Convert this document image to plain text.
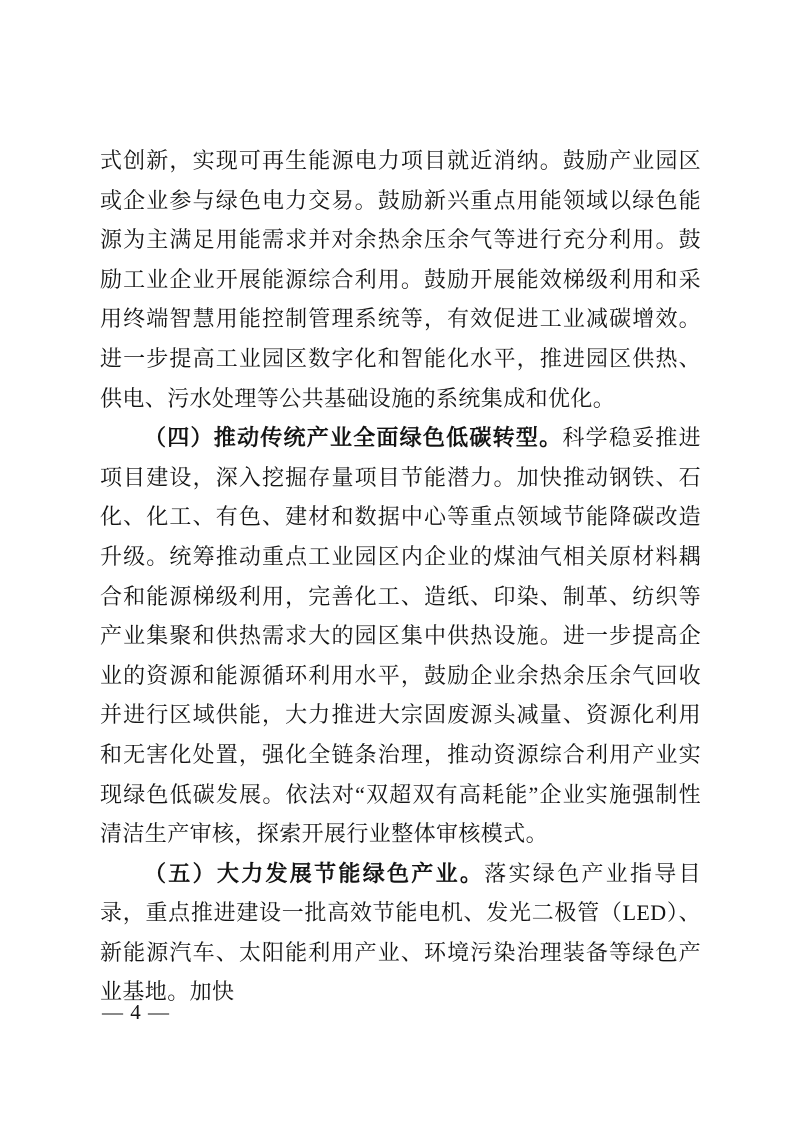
式创新，实现可再生能源电力项目就近消纳。鼓励产业园区或企业参与绿色电力交易。鼓励新兴重点用能领域以绿色能源为主满足用能需求并对余热余压余气等进行充分利用。鼓励工业企业开展能源综合利用。鼓励开展能效梯级利用和采用终端智慧用能控制管理系统等，有效促进工业减碳增效。进一步提高工业园区数字化和智能化水平，推进园区供热、供电、污水处理等公共基础设施的系统集成和优化。

（四）推动传统产业全面绿色低碳转型。科学稳妥推进项目建设，深入挖掘存量项目节能潜力。加快推动钢铁、石化、化工、有色、建材和数据中心等重点领域节能降碳改造升级。统筹推动重点工业园区内企业的煤油气相关原材料耦合和能源梯级利用，完善化工、造纸、印染、制革、纺织等产业集聚和供热需求大的园区集中供热设施。进一步提高企业的资源和能源循环利用水平，鼓励企业余热余压余气回收并进行区域供能，大力推进大宗固废源头减量、资源化利用和无害化处置，强化全链条治理，推动资源综合利用产业实现绿色低碳发展。依法对“双超双有高耗能”企业实施强制性清洁生产审核，探索开展行业整体审核模式。

（五）大力发展节能绿色产业。落实绿色产业指导目录，重点推进建设一批高效节能电机、发光二极管（LED）、新能源汽车、太阳能利用产业、环境污染治理装备等绿色产业基地。加快

— 4 —
